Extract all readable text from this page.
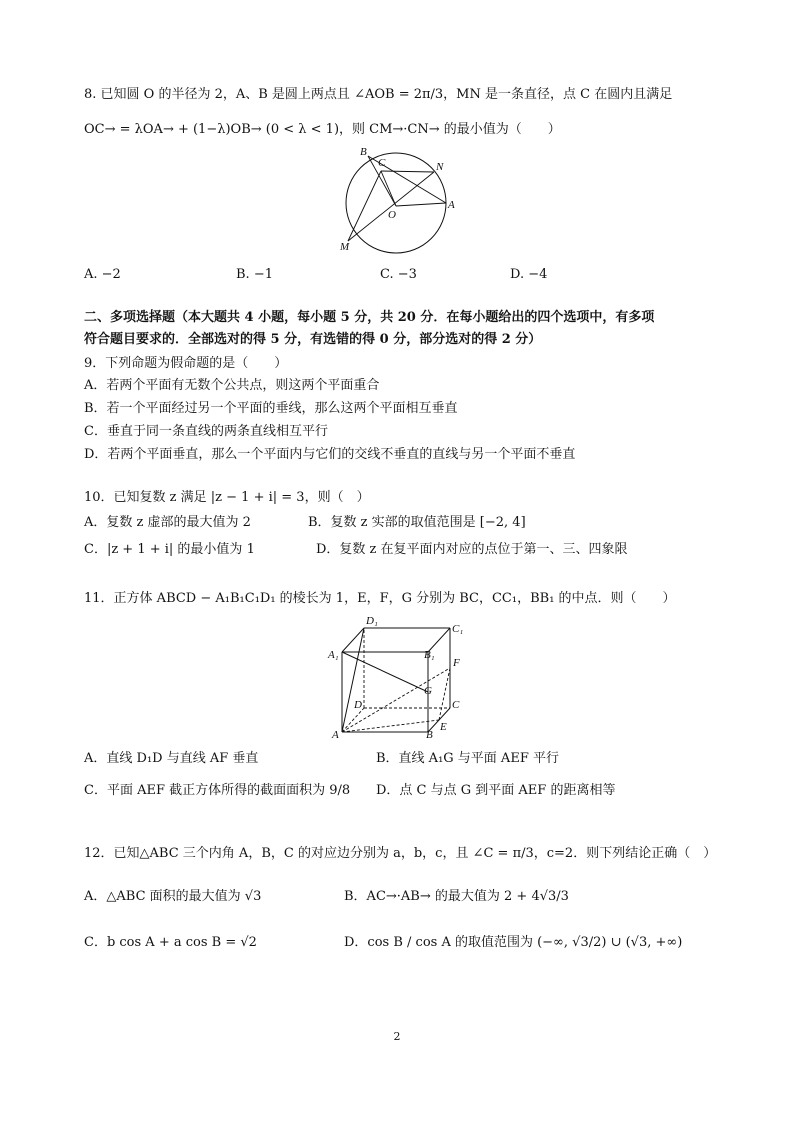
8. 已知圆 O 的半径为 2，A、B 是圆上两点且 ∠AOB = 2π/3，MN 是一条直径，点 C 在圆内且满足
OC→ = λOA→ + (1−λ)OB→ (0 < λ < 1)，则 CM→·CN→ 的最小值为（　　）
B
C	N
O
A
M
A. −2	B. −1	C. −3	D. −4
二、多项选择题（本大题共 4 小题，每小题 5 分，共 20 分．在每小题给出的四个选项中，有多项
符合题目要求的．全部选对的得 5 分，有选错的得 0 分，部分选对的得 2 分）
9．下列命题为假命题的是（　　）
A．若两个平面有无数个公共点，则这两个平面重合
B．若一个平面经过另一个平面的垂线，那么这两个平面相互垂直
C．垂直于同一条直线的两条直线相互平行
D．若两个平面垂直，那么一个平面内与它们的交线不垂直的直线与另一个平面不垂直
10．已知复数 z 满足 |z − 1 + i| = 3，则（　）
A．复数 z 虚部的最大值为 2	B．复数 z 实部的取值范围是 [−2, 4]
C．|z + 1 + i| 的最小值为 1	D．复数 z 在复平面内对应的点位于第一、三、四象限
11．正方体 ABCD − A₁B₁C₁D₁ 的棱长为 1，E，F，G 分别为 BC，CC₁，BB₁ 的中点．则（　　）
D₁
C₁
A₁	B₁
F
G
D	C
E
A	B
A．直线 D₁D 与直线 AF 垂直	B．直线 A₁G 与平面 AEF 平行
C．平面 AEF 截正方体所得的截面面积为 9/8 D．点 C 与点 G 到平面 AEF 的距离相等
12．已知△ABC 三个内角 A，B，C 的对应边分别为 a，b，c，且 ∠C = π/3，c=2．则下列结论正确（　）
A．△ABC 面积的最大值为 √3	B．AC→·AB→ 的最大值为 2 + 4√3/3
C．b cos A + a cos B = √2	D．cos B / cos A 的取值范围为 (−∞, √3/2) ∪ (√3, +∞)
2
